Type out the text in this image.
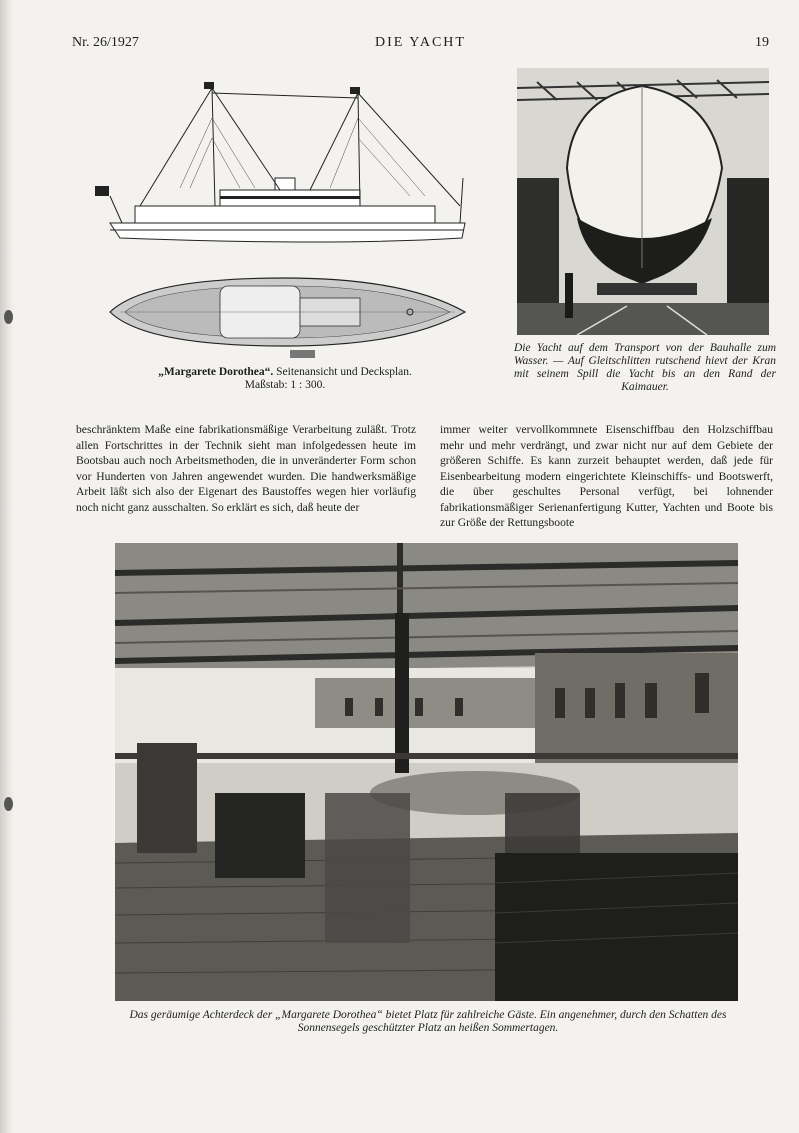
Nr. 26/1927	DIE YACHT	19
„Margarete Dorothea“. Seitenansicht und Decksplan.
Maßstab: 1 : 300.
Die Yacht auf dem Transport von der Bauhalle zum Wasser. — Auf Gleitschlitten rutschend hievt der Kran mit seinem Spill die Yacht bis an den Rand der Kaimauer.

beschränktem Maße eine fabrikationsmäßige Verarbeitung zuläßt. Trotz allen Fortschrittes in der Technik sieht man infolgedessen heute im Bootsbau auch noch Arbeitsmethoden, die in unveränderter Form schon vor Hunderten von Jahren angewendet wurden. Die handwerksmäßige Arbeit läßt sich also der Eigenart des Baustoffes wegen hier vorläufig noch nicht ganz ausschalten. So erklärt es sich, daß heute der

immer weiter vervollkommnete Eisenschiffbau den Holzschiffbau mehr und mehr verdrängt, und zwar nicht nur auf dem Gebiete der größeren Schiffe. Es kann zurzeit behauptet werden, daß jede für Eisenbearbeitung modern eingerichtete Kleinschiffs- und Bootswerft, die über geschultes Personal verfügt, bei lohnender fabrikationsmäßiger Serienanfertigung Kutter, Yachten und Boote bis zur Größe der Rettungsboote

Das geräumige Achterdeck der „Margarete Dorothea“ bietet Platz für zahlreiche Gäste. Ein angenehmer, durch den Schatten des Sonnensegels geschützter Platz an heißen Sommertagen.
